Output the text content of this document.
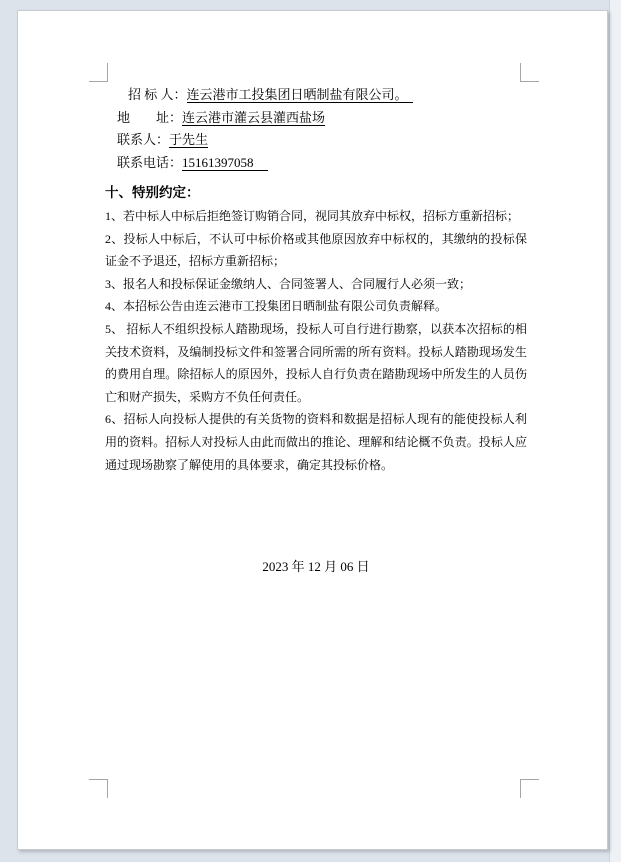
招 标 人：连云港市工投集团日晒制盐有限公司。
地　　址：连云港市灌云县灌西盐场
联系人：于先生
联系电话：15161397058
十、特别约定：

1、若中标人中标后拒绝签订购销合同，视同其放弃中标权，招标方重新招标；

2、投标人中标后，不认可中标价格或其他原因放弃中标权的，其缴纳的投标保证金不予退还，招标方重新招标；

3、报名人和投标保证金缴纳人、合同签署人、合同履行人必须一致；

4、本招标公告由连云港市工投集团日晒制盐有限公司负责解释。

5、 招标人不组织投标人踏勘现场，投标人可自行进行勘察，以获本次招标的相关技术资料，及编制投标文件和签署合同所需的所有资料。投标人踏勘现场发生的费用自理。除招标人的原因外，投标人自行负责在踏勘现场中所发生的人员伤亡和财产损失，采购方不负任何责任。

6、招标人向投标人提供的有关货物的资料和数据是招标人现有的能使投标人利用的资料。招标人对投标人由此而做出的推论、理解和结论概不负责。投标人应通过现场勘察了解使用的具体要求，确定其投标价格。

2023 年 12 月 06 日
